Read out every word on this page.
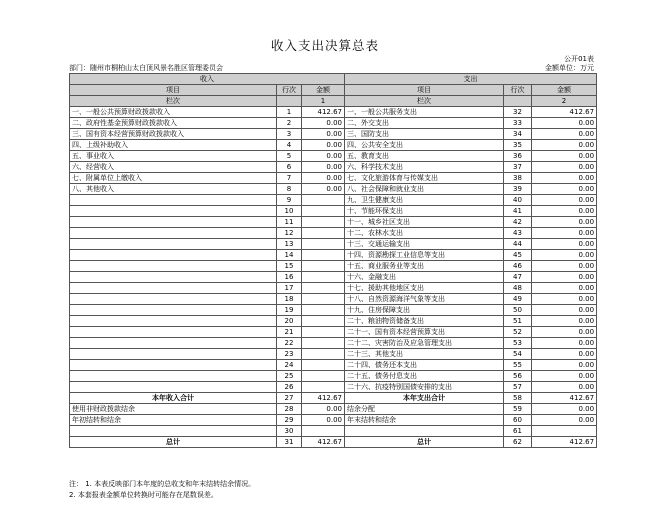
收入支出决算总表
公开01表
部门：随州市桐柏山太白顶风景名胜区管理委员会	金额单位：万元
收入			支出		
项目	行次	金额	项目	行次	金额
栏次		1	栏次		2
一、一般公共预算财政拨款收入	1	412.67	一、一般公共服务支出	32	412.67
二、政府性基金预算财政拨款收入	2	0.00	二、外交支出	33	0.00
三、国有资本经营预算财政拨款收入	3	0.00	三、国防支出	34	0.00
四、上级补助收入	4	0.00	四、公共安全支出	35	0.00
五、事业收入	5	0.00	五、教育支出	36	0.00
六、经营收入	6	0.00	六、科学技术支出	37	0.00
七、附属单位上缴收入	7	0.00	七、文化旅游体育与传媒支出	38	0.00
八、其他收入	8	0.00	八、社会保障和就业支出	39	0.00
	9		九、卫生健康支出	40	0.00
	10		十、节能环保支出	41	0.00
	11		十一、城乡社区支出	42	0.00
	12		十二、农林水支出	43	0.00
	13		十三、交通运输支出	44	0.00
	14		十四、资源勘探工业信息等支出	45	0.00
	15		十五、商业服务业等支出	46	0.00
	16		十六、金融支出	47	0.00
	17		十七、援助其他地区支出	48	0.00
	18		十八、自然资源海洋气象等支出	49	0.00
	19		十九、住房保障支出	50	0.00
	20		二十、粮油物资储备支出	51	0.00
	21		二十一、国有资本经营预算支出	52	0.00
	22		二十二、灾害防治及应急管理支出	53	0.00
	23		二十三、其他支出	54	0.00
	24		二十四、债务还本支出	55	0.00
	25		二十五、债务付息支出	56	0.00
	26		二十六、抗疫特别国债安排的支出	57	0.00
本年收入合计	27	412.67	本年支出合计	58	412.67
使用非财政拨款结余	28	0.00	结余分配	59	0.00
年初结转和结余	29	0.00	年末结转和结余	60	0.00
	30			61	
总计	31	412.67	总计	62	412.67
注： 1. 本表反映部门本年度的总收支和年末结转结余情况。
2. 本套报表金额单位转换时可能存在尾数误差。
